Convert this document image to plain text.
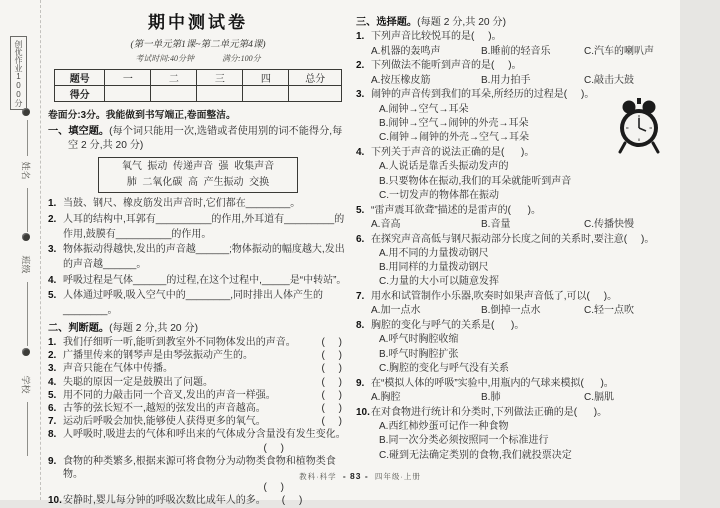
创优作业100分
姓名
班级
学校
期中测试卷
(第一单元第1课~第二单元第4课)
考试时间:40分钟	满分:100分
题号	一	二	三	四	总分
得分					
卷面分:3分。我能做到书写端正,卷面整洁。
一、填空题。(每个词只能用一次,选错或者使用别的词不能得分,每空 2 分,共 20 分)
氧气  振动  传递声音  强  收集声音
肺  二氧化碳  高  产生振动  交换
1. 当鼓、钢尺、橡皮筋发出声音时,它们都在________。
2. 人耳的结构中,耳郭有__________的作用,外耳道有_________的作用,鼓膜有__________的作用。
3. 物体振动得越快,发出的声音越______;物体振动的幅度越大,发出的声音越______。
4. 呼吸过程是气体______的过程,在这个过程中,_____是“中转站”。
5. 人体通过呼吸,吸入空气中的________,同时排出人体产生的________。
二、判断题。(每题 2 分,共 20 分)
1. 我们仔细听一听,能听到教室外不同物体发出的声音。	(     )
2. 广播里传来的钢琴声是由琴弦振动产生的。	(     )
3. 声音只能在气体中传播。	(     )
4. 失聪的原因一定是鼓膜出了问题。	(     )
5. 用不同的力敲击同一个音叉,发出的声音一样强。	(     )
6. 古筝的弦长短不一,越短的弦发出的声音越高。	(     )
7. 运动后呼吸会加快,能够使人获得更多的氧气。	(     )
8. 人呼吸时,吸进去的气体和呼出来的气体成分含量没有发生变化。
(     )
9. 食物的种类繁多,根据来源可将食物分为动物类食物和植物类食物。
(     )
10. 安静时,婴儿每分钟的呼吸次数比成年人的多。 (     )
三、选择题。(每题 2 分,共 20 分)
1. 下列声音比较悦耳的是(     )。
A.机器的轰鸣声	B.睡前的轻音乐	C.汽车的喇叭声
2. 下列做法不能听到声音的是(     )。
A.按压橡皮筋	B.用力拍手	C.敲击大鼓
3. 闹钟的声音传到我们的耳朵,所经历的过程是(     )。
A.闹钟→空气→耳朵
B.闹钟→空气→闹钟的外壳→耳朵
C.闹钟→闹钟的外壳→空气→耳朵
4. 下列关于声音的说法正确的是(      )。
A.人说话是靠舌头振动发声的
B.只要物体在振动,我们的耳朵就能听到声音
C.一切发声的物体都在振动
5. “雷声震耳欲聋”描述的是雷声的(      )。
A.音高	B.音量	C.传播快慢
6. 在探究声音高低与钢尺振动部分长度之间的关系时,要注意(     )。
A.用不同的力量拨动钢尺
B.用同样的力量拨动钢尺
C.力量的大小可以随意发挥
7. 用水和试管制作小乐器,吹奏时如果声音低了,可以(     )。
A.加一点水	B.倒掉一点水	C.轻一点吹
8. 胸腔的变化与呼气的关系是(      )。
A.呼气时胸腔收缩
B.呼气时胸腔扩张
C.胸腔的变化与呼气没有关系
9. 在“模拟人体的呼吸”实验中,用瓶内的气球来模拟(      )。
A.胸腔	B.肺	C.膈肌
10. 在对食物进行统计和分类时,下列做法正确的是(      )。
A.西红柿炒蛋可记作一种食物
B.同一次分类必须按照同一个标准进行
C.碰到无法确定类别的食物,我们就投票决定
教科·科学 - 83 - 四年级·上册
